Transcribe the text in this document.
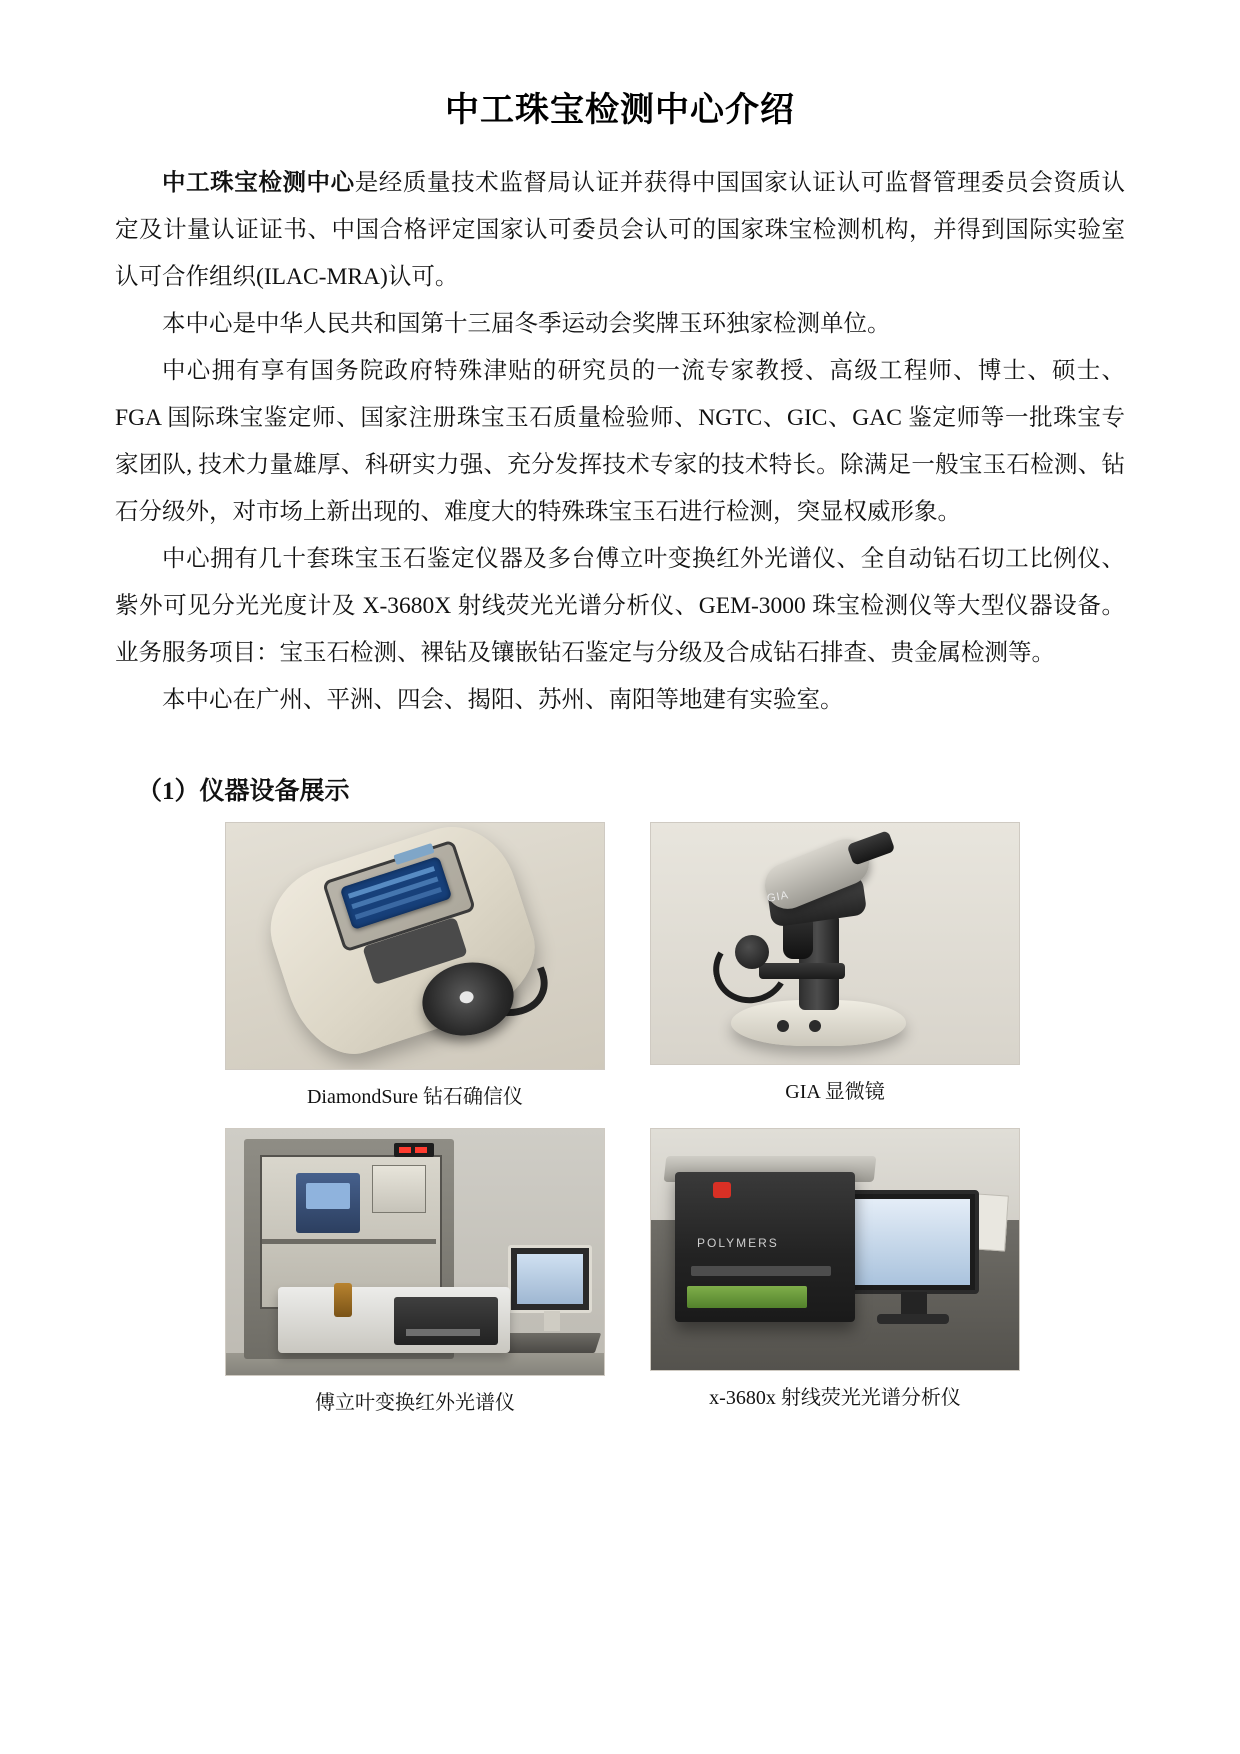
中工珠宝检测中心介绍

中工珠宝检测中心是经质量技术监督局认证并获得中国国家认证认可监督管理委员会资质认定及计量认证证书、中国合格评定国家认可委员会认可的国家珠宝检测机构，并得到国际实验室认可合作组织(ILAC-MRA)认可。

本中心是中华人民共和国第十三届冬季运动会奖牌玉环独家检测单位。

中心拥有享有国务院政府特殊津贴的研究员的一流专家教授、高级工程师、博士、硕士、FGA 国际珠宝鉴定师、国家注册珠宝玉石质量检验师、NGTC、GIC、GAC 鉴定师等一批珠宝专家团队, 技术力量雄厚、科研实力强、充分发挥技术专家的技术特长。除满足一般宝玉石检测、钻石分级外，对市场上新出现的、难度大的特殊珠宝玉石进行检测，突显权威形象。

中心拥有几十套珠宝玉石鉴定仪器及多台傅立叶变换红外光谱仪、全自动钻石切工比例仪、紫外可见分光光度计及 X‑3680X 射线荧光光谱分析仪、GEM-3000 珠宝检测仪等大型仪器设备。业务服务项目：宝玉石检测、裸钻及镶嵌钻石鉴定与分级及合成钻石排查、贵金属检测等。

本中心在广州、平洲、四会、揭阳、苏州、南阳等地建有实验室。

（1）仪器设备展示
DiamondSure 钻石确信仪
GIA
GIA 显微镜
傅立叶变换红外光谱仪
POLYMERS
x-3680x 射线荧光光谱分析仪
